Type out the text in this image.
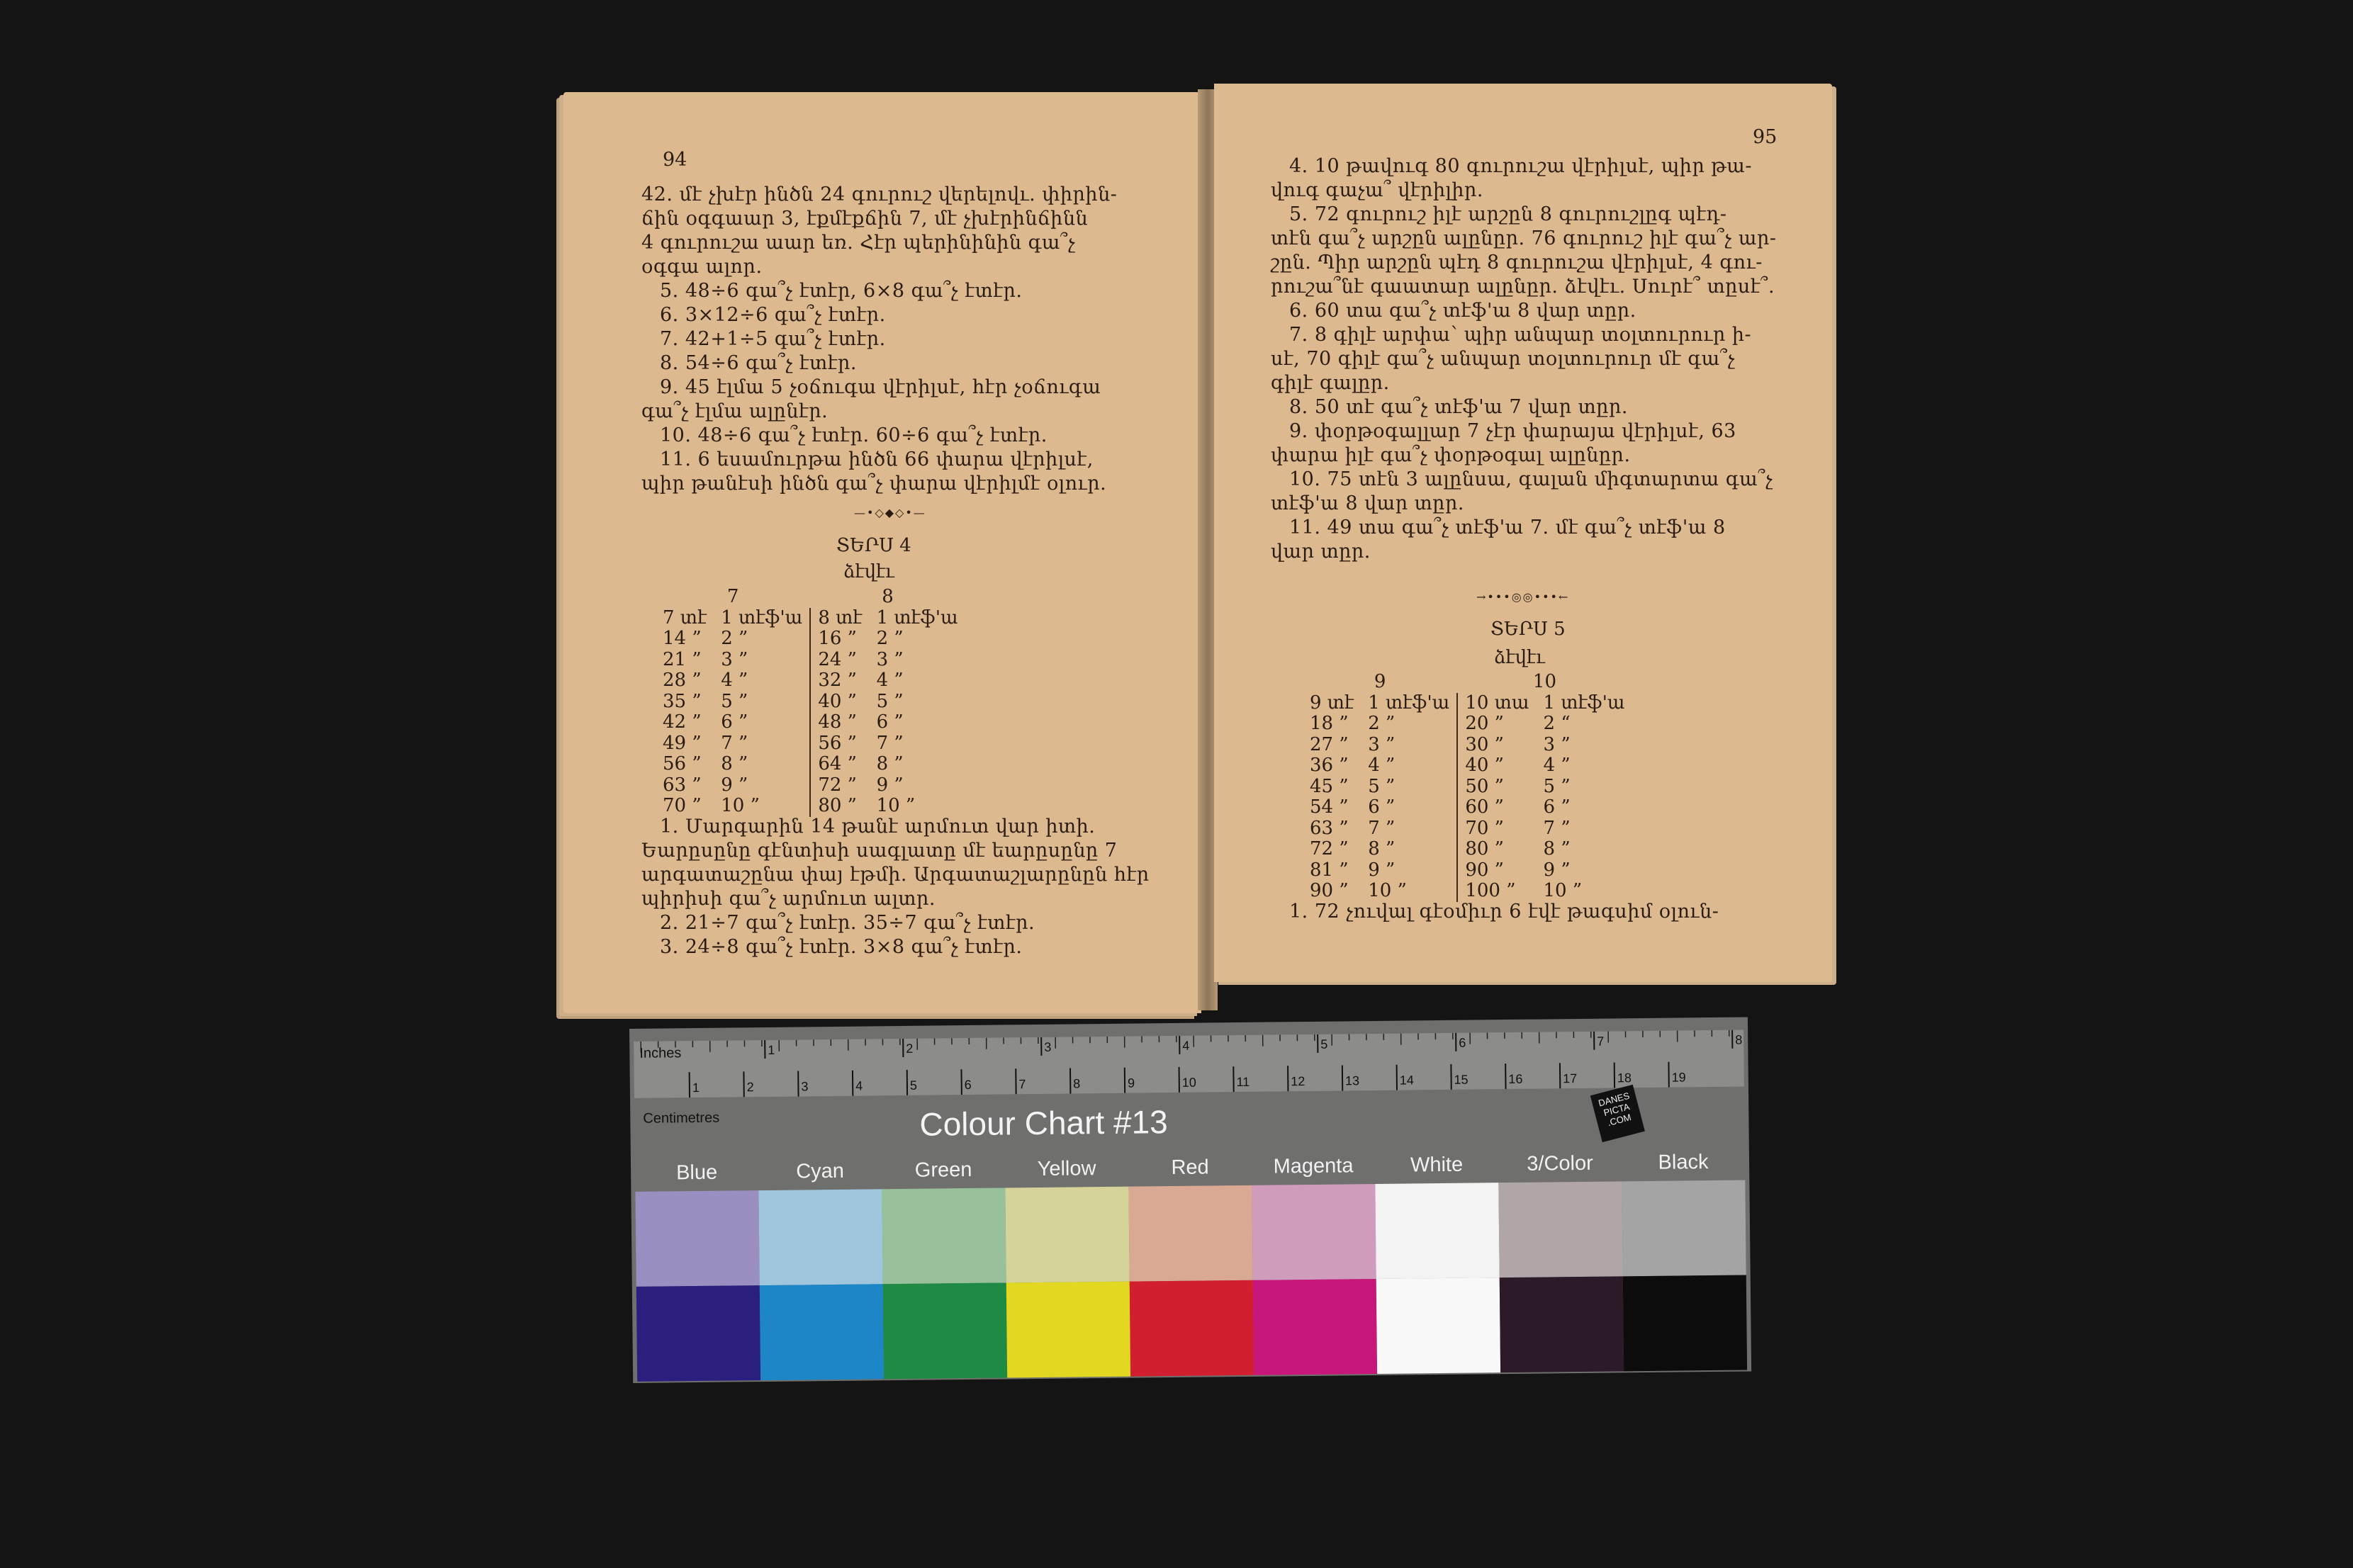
94
42. մէ չխէր ինծն 24 գուրուշ վերելովւ. փիրին-
ճին օգգաար 3, էքմէքճին 7, մէ չխէրինճինն
4 գուրուշա աար եռ. Հէր պերինինին գա՞չ
օգգա ալոր.
5. 48÷6 գա՞չ էտէր, 6×8 գա՞չ էտէր.
6. 3×12÷6 գա՞չ էտէր.
7. 42+1÷5 գա՞չ էտէր.
8. 54÷6 գա՞չ էտէր.
9. 45 էլմա 5 չօճուգա վէրիլսէ, հէր չօճուգա
գա՞չ էլմա ալընէր.
10. 48÷6 գա՞չ էտէր. 60÷6 գա՞չ էտէր.
11. 6 եսամուրթա ինծն 66 փարա վէրիլսէ,
պիր թանէսի ինծն գա՞չ փարա վէրիլմէ օլուր.
—•◇◆◇•—
ՏԵՐՍ 4
ձէվէւ
7		8	
7 տէ	1 տէֆ'ա	8 տէ	1 տէֆ'ա
14 ”	2 ”	16 ”	2 ”
21 ”	3 ”	24 ”	3 ”
28 ”	4 ”	32 ”	4 ”
35 ”	5 ”	40 ”	5 ”
42 ”	6 ”	48 ”	6 ”
49 ”	7 ”	56 ”	7 ”
56 ”	8 ”	64 ”	8 ”
63 ”	9 ”	72 ”	9 ”
70 ”	10 ”	80 ”	10 ”
1. Մարգարին 14 թանէ արմուտ վար իտի.
Եարըսընը գէնտիսի սագլատը մէ եարըսընը 7
արգատաշընա փայ էթմի. Արգատաշլարընըն հէր
պիրիսի գա՞չ արմուտ ալտր.
2. 21÷7 գա՞չ էտէր. 35÷7 գա՞չ էտէր.
3. 24÷8 գա՞չ էտէր. 3×8 գա՞չ էտէր.
95
4. 10 թավուգ 80 գուրուշա վէրիլսէ, պիր թա-
վուգ գաչա՞ վէրիլիր.
5. 72 գուրուշ իլէ արշըն 8 գուրուշլըգ պէդ-
տէն գա՞չ արշըն ալընըր. 76 գուրուշ իլէ գա՞չ ար-
շըն. Պիր արշըն պէդ 8 գուրուշա վէրիլսէ, 4 գու-
րուշա՞նէ գաատար ալընըր. ձէվէւ. Սուրէ՞ տըսէ՞.
6. 60 տա գա՞չ տէֆ'ա 8 վար տըր.
7. 8 գիլէ արփա՝ պիր անպար տօլտուրուր ի-
սէ, 70 գիլէ գա՞չ անպար տօլտուրուր մէ գա՞չ
գիլէ գալըր.
8. 50 տէ գա՞չ տէֆ'ա 7 վար տըր.
9. փօրթօգալլար 7 չէր փարայա վէրիլսէ, 63
փարա իլէ գա՞չ փօրթօգալ ալընըր.
10. 75 տէն 3 ալընսա, գալան միգտարտա գա՞չ
տէֆ'ա 8 վար տըր.
11. 49 տա գա՞չ տէֆ'ա 7. մէ գա՞չ տէֆ'ա 8
վար տըր.
→•••◎◎•••←
ՏԵՐՍ 5
ձէվէւ
9		10	
9 տէ	1 տէֆ'ա	10 տա	1 տէֆ'ա
18 ”	2 ”	20 ”	2 “
27 ”	3 ”	30 ”	3 ”
36 ”	4 ”	40 ”	4 ”
45 ”	5 ”	50 ”	5 ”
54 ”	6 ”	60 ”	6 ”
63 ”	7 ”	70 ”	7 ”
72 ”	8 ”	80 ”	8 ”
81 ”	9 ”	90 ”	9 ”
90 ”	10 ”	100 ”	10 ”
1. 72 չուվալ գէօմիւր 6 էվէ թագսիմ օլուն-
1	2	3	4	5	6	7	8
1	2	3	4	5	6	7	8	9	10	11	12	13	14	15	16	17	18	19
Inches
Centimetres	Colour Chart #13
DANES PICTA .COM
Blue	Cyan	Green	Yellow	Red	Magenta	White	3/Color	Black
